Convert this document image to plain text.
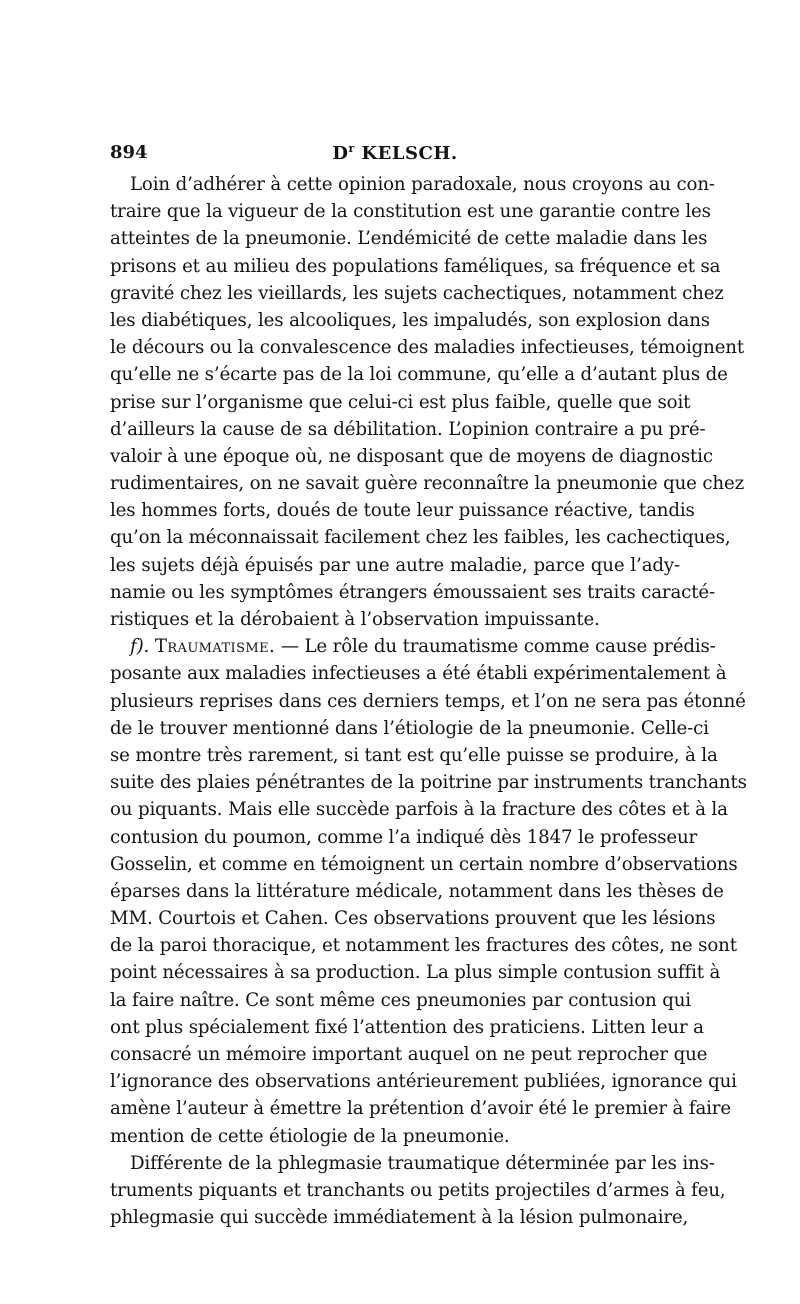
894	$D^r$ KELSCH.
Loin d’adhérer à cette opinion paradoxale, nous croyons au con-
traire que la vigueur de la constitution est une garantie contre les
atteintes de la pneumonie. L’endémicité de cette maladie dans les
prisons et au milieu des populations faméliques, sa fréquence et sa
gravité chez les vieillards, les sujets cachectiques, notamment chez
les diabétiques, les alcooliques, les impaludés, son explosion dans
le décours ou la convalescence des maladies infectieuses, témoignent
qu’elle ne s’écarte pas de la loi commune, qu’elle a d’autant plus de
prise sur l’organisme que celui-ci est plus faible, quelle que soit
d’ailleurs la cause de sa débilitation. L’opinion contraire a pu pré-
valoir à une époque où, ne disposant que de moyens de diagnostic
rudimentaires, on ne savait guère reconnaître la pneumonie que chez
les hommes forts, doués de toute leur puissance réactive, tandis
qu’on la méconnaissait facilement chez les faibles, les cachectiques,
les sujets déjà épuisés par une autre maladie, parce que l’ady-
namie ou les symptômes étrangers émoussaient ses traits caracté-
ristiques et la dérobaient à l’observation impuissante.
f). Traumatisme. — Le rôle du traumatisme comme cause prédis-
posante aux maladies infectieuses a été établi expérimentalement à
plusieurs reprises dans ces derniers temps, et l’on ne sera pas étonné
de le trouver mentionné dans l’étiologie de la pneumonie. Celle-ci
se montre très rarement, si tant est qu’elle puisse se produire, à la
suite des plaies pénétrantes de la poitrine par instruments tranchants
ou piquants. Mais elle succède parfois à la fracture des côtes et à la
contusion du poumon, comme l’a indiqué dès 1847 le professeur
Gosselin, et comme en témoignent un certain nombre d’observations
éparses dans la littérature médicale, notamment dans les thèses de
MM. Courtois et Cahen. Ces observations prouvent que les lésions
de la paroi thoracique, et notamment les fractures des côtes, ne sont
point nécessaires à sa production. La plus simple contusion suffit à
la faire naître. Ce sont même ces pneumonies par contusion qui
ont plus spécialement fixé l’attention des praticiens. Litten leur a
consacré un mémoire important auquel on ne peut reprocher que
l’ignorance des observations antérieurement publiées, ignorance qui
amène l’auteur à émettre la prétention d’avoir été le premier à faire
mention de cette étiologie de la pneumonie.
Différente de la phlegmasie traumatique déterminée par les ins-
truments piquants et tranchants ou petits projectiles d’armes à feu,
phlegmasie qui succède immédiatement à la lésion pulmonaire,
